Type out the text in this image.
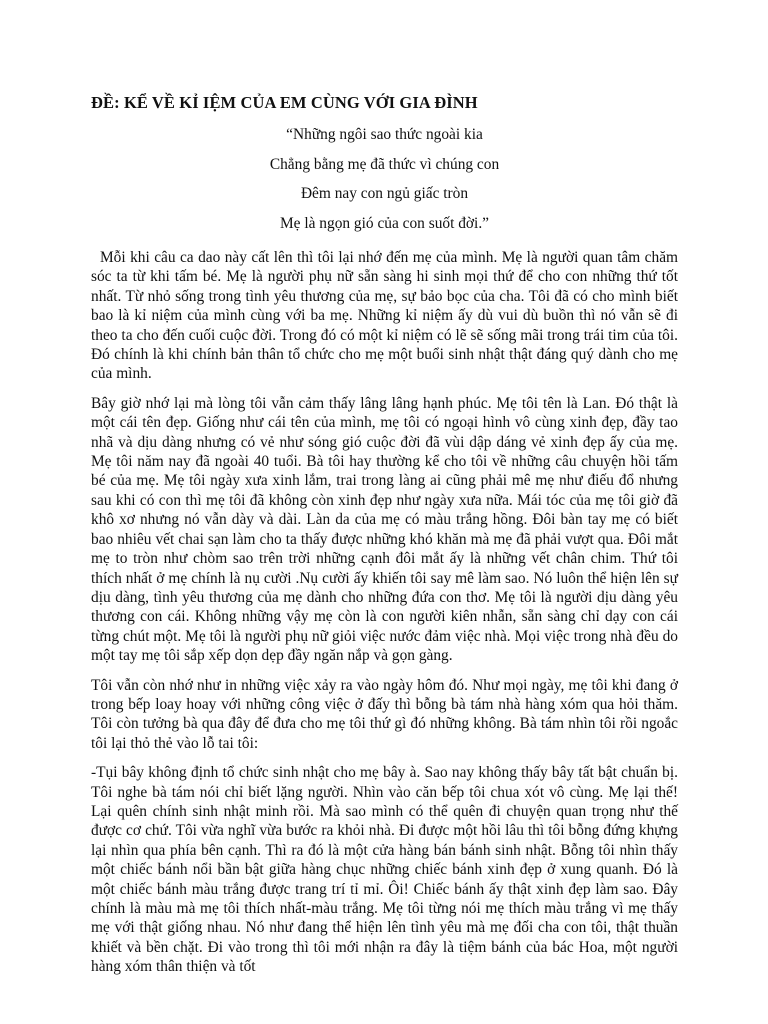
ĐỀ: KỂ VỀ KỈ IỆM CỦA EM CÙNG VỚI GIA ĐÌNH
“Những ngôi sao thức ngoài kia
Chẳng bằng mẹ đã thức vì chúng con
Đêm nay con ngủ giấc tròn
Mẹ là ngọn gió của con suốt đời.”

Mỗi khi câu ca dao này cất lên thì tôi lại nhớ đến mẹ của mình. Mẹ là người quan tâm chăm sóc ta từ khi tấm bé. Mẹ là người phụ nữ sẵn sàng hi sinh mọi thứ để cho con những thứ tốt nhất. Từ nhỏ sống trong tình yêu thương của mẹ, sự bảo bọc của cha. Tôi đã có cho mình biết bao là kỉ niệm của mình cùng với ba mẹ. Những kỉ niệm ấy dù vui dù buồn thì nó vẫn sẽ đi theo ta cho đến cuối cuộc đời. Trong đó có một kỉ niệm có lẽ sẽ sống mãi trong trái tim của tôi. Đó chính là khi chính bản thân tổ chức cho mẹ một buổi sinh nhật thật đáng quý dành cho mẹ của mình.

Bây giờ nhớ lại mà lòng tôi vẫn cảm thấy lâng lâng hạnh phúc. Mẹ tôi tên là Lan. Đó thật là một cái tên đẹp. Giống như cái tên của mình, mẹ tôi có ngoại hình vô cùng xinh đẹp, đầy tao nhã và dịu dàng nhưng có vẻ như sóng gió cuộc đời đã vùi dập dáng vẻ xinh đẹp ấy của mẹ. Mẹ tôi năm nay đã ngoài 40 tuổi. Bà tôi hay thường kể cho tôi về những câu chuyện hồi tấm bé của mẹ. Mẹ tôi ngày xưa xinh lắm, trai trong làng ai cũng phải mê mẹ như điếu đổ nhưng sau khi có con thì mẹ tôi đã không còn xinh đẹp như ngày xưa nữa. Mái tóc của mẹ tôi giờ đã khô xơ nhưng nó vẫn dày và dài. Làn da của mẹ có màu trắng hồng. Đôi bàn tay mẹ có biết bao nhiêu vết chai sạn làm cho ta thấy được những khó khăn mà mẹ đã phải vượt qua. Đôi mắt mẹ to tròn như chòm sao trên trời những cạnh đôi mắt ấy là những vết chân chim. Thứ tôi thích nhất ở mẹ chính là nụ cười .Nụ cười ấy khiến tôi say mê làm sao. Nó luôn thể hiện lên sự dịu dàng, tình yêu thương của mẹ dành cho những đứa con thơ. Mẹ tôi là người dịu dàng yêu thương con cái. Không những vậy mẹ còn là con người kiên nhẫn, sẵn sàng chỉ dạy con cái từng chút một. Mẹ tôi là người phụ nữ giỏi việc nước đảm việc nhà. Mọi việc trong nhà đều do một tay mẹ tôi sắp xếp dọn dẹp đầy ngăn nắp và gọn gàng.

Tôi vẫn còn nhớ như in những việc xảy ra vào ngày hôm đó. Như mọi ngày, mẹ tôi khi đang ở trong bếp loay hoay với những công việc ở đấy thì bỗng bà tám nhà hàng xóm qua hỏi thăm. Tôi còn tưởng bà qua đây để đưa cho mẹ tôi thứ gì đó những không. Bà tám nhìn tôi rồi ngoắc tôi lại thỏ thẻ vào lỗ tai tôi:

-Tụi bây không định tổ chức sinh nhật cho mẹ bây à. Sao nay không thấy bây tất bật chuẩn bị. Tôi nghe bà tám nói chỉ biết lặng người. Nhìn vào căn bếp tôi chua xót vô cùng. Mẹ lại thế! Lại quên chính sinh nhật minh rồi. Mà sao mình có thể quên đi chuyện quan trọng như thế được cơ chứ. Tôi vừa nghĩ vừa bước ra khỏi nhà. Đi được một hồi lâu thì tôi bỗng đứng khựng lại nhìn qua phía bên cạnh. Thì ra đó là một cửa hàng bán bánh sinh nhật. Bỗng tôi nhìn thấy một chiếc bánh nổi bần bật giữa hàng chục những chiếc bánh xinh đẹp ở xung quanh. Đó là một chiếc bánh màu trắng được trang trí tỉ mỉ. Ôi! Chiếc bánh ấy thật xinh đẹp làm sao. Đây chính là màu mà mẹ tôi thích nhất-màu trắng. Mẹ tôi từng nói mẹ thích màu trắng vì mẹ thấy mẹ với thật giống nhau. Nó như đang thể hiện lên tình yêu mà mẹ đối cha con tôi, thật thuần khiết và bền chặt. Đi vào trong thì tôi mới nhận ra đây là tiệm bánh của bác Hoa, một người hàng xóm thân thiện và tốt
